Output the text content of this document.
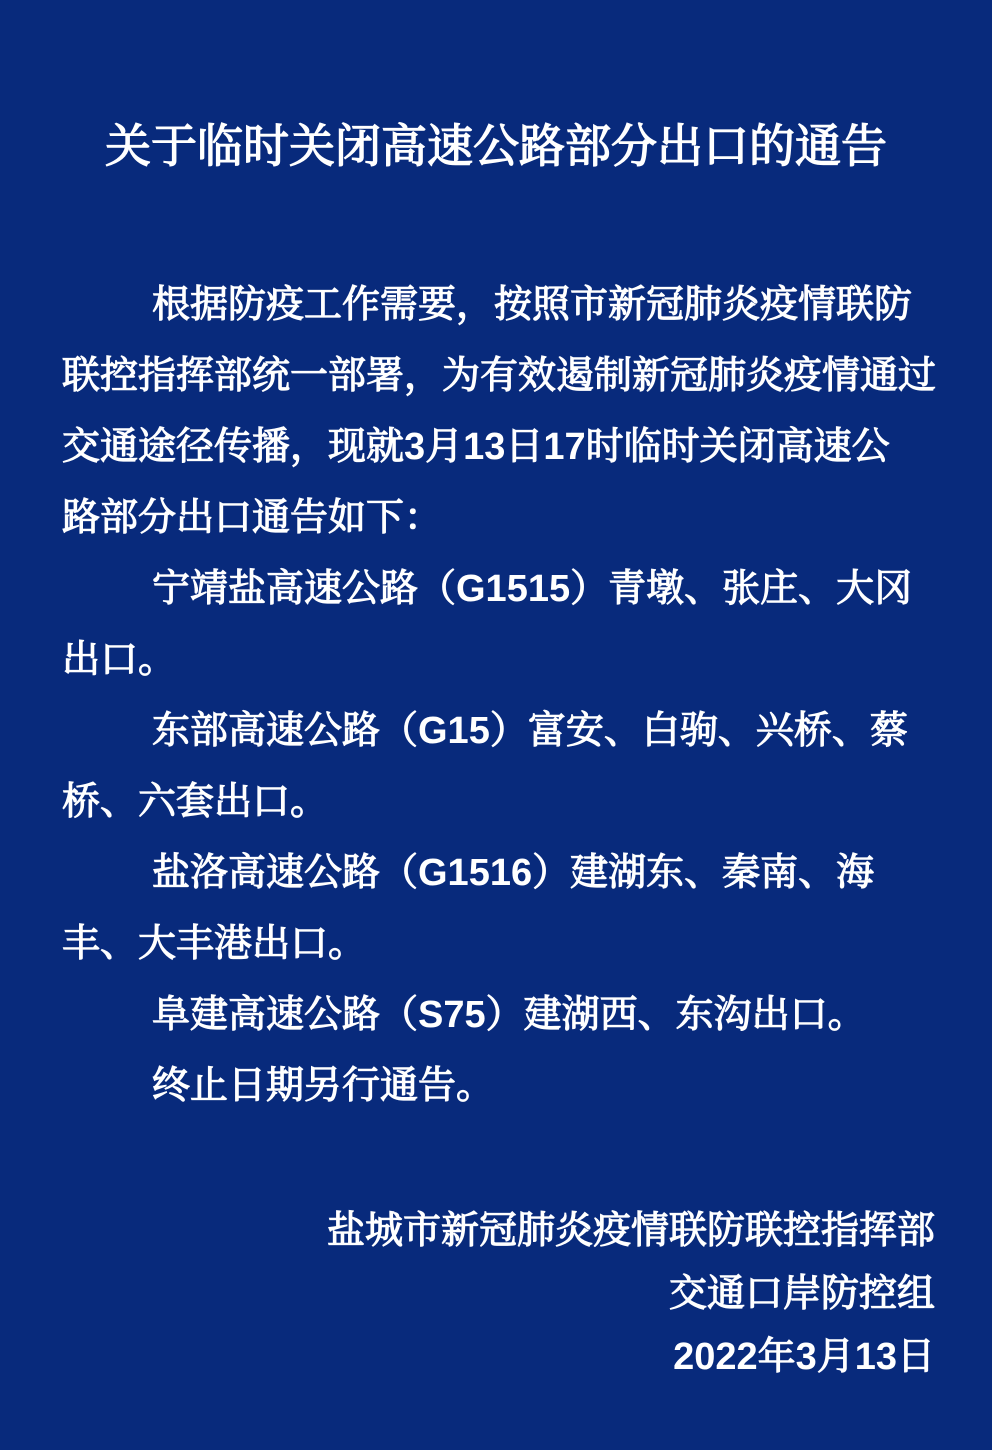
关于临时关闭高速公路部分出口的通告
根据防疫工作需要，按照市新冠肺炎疫情联防
联控指挥部统一部署，为有效遏制新冠肺炎疫情通过
交通途径传播，现就3月13日17时临时关闭高速公
路部分出口通告如下：
宁靖盐高速公路（G1515）青墩、张庄、大冈
出口。
东部高速公路（G15）富安、白驹、兴桥、蔡
桥、六套出口。
盐洛高速公路（G1516）建湖东、秦南、海
丰、大丰港出口。
阜建高速公路（S75）建湖西、东沟出口。
终止日期另行通告。
盐城市新冠肺炎疫情联防联控指挥部
交通口岸防控组
2022年3月13日
